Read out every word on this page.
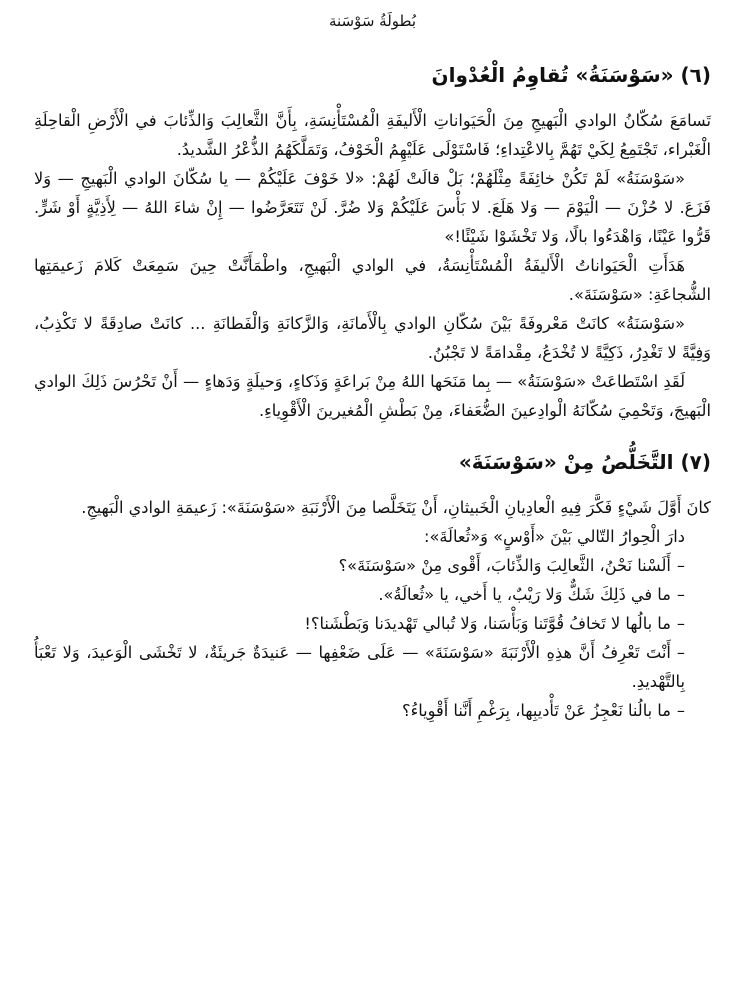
بُطولَةُ سَوْسَنة
(٦) «سَوْسَنَةُ» تُقاوِمُ الْعُدْوانَ

تَسامَعَ سُكّانُ الوادي الْبَهيجِ مِنَ الْحَيَواناتِ الْأَليفَةِ الْمُسْتَأْنِسَةِ، بِأَنَّ الثَّعالِبَ وَالذِّئابَ في الْأَرْضِ الْقاحِلَةِ الْغَبْراء، تَجْتَمِعُ لِكَيْ تَهُمَّ بِالاعْتِداءِ؛ فَاسْتَوْلَى عَلَيْهِمُ الْخَوْفُ، وَتَمَلَّكَهُمُ الذُّعْرُ الشَّديدُ.

«سَوْسَنَةُ» لَمْ تَكُنْ خائِفَةً مِثْلَهُمْ؛ بَلْ قالَتْ لَهُمْ: «لا خَوْفَ عَلَيْكُمْ — يا سُكّانَ الوادي الْبَهيجِ — وَلا فَزَعَ. لا حُزْنَ — الْيَوْمَ — وَلا هَلَعَ. لا بَأْسَ عَلَيْكُمْ وَلا ضُرَّ. لَنْ تَتَعَرَّضُوا — إِنْ شاءَ اللهُ — لِأَذِيَّةٍ أَوْ شَرٍّ. قَرُّوا عَيْنًا، وَاهْدَءُوا بالًا، وَلا تَخْشَوْا شَيْئًا!»

هَدَأَتِ الْحَيَواناتُ الْأَليفَةُ الْمُسْتَأْنِسَةُ، في الوادي الْبَهيجِ، واطْمَأَنَّتْ حِينَ سَمِعَتْ كَلامَ زَعيمَتِها الشُّجاعَةِ: «سَوْسَنَةَ».

«سَوْسَنَةُ» كانَتْ مَعْروفَةً بَيْنَ سُكّانِ الوادي بِالْأَمانَةِ، وَالزَّكانَةِ وَالْفَطانَةِ ... كانَتْ صادِقَةً لا تَكْذِبُ، وَفِيَّةً لا تَغْدِرُ، ذَكِيَّةً لا تُخْدَعُ، مِقْدامَةً لا تَجْبُنُ.

لَقَدِ اسْتَطاعَتْ «سَوْسَنَةُ» — بِما مَنَحَها اللهُ مِنْ بَراعَةٍ وَذَكاءٍ، وَحيلَةٍ وَدَهاءٍ — أَنْ تَحْرُسَ ذَلِكَ الوادي الْبَهيجَ، وَتَحْمِيَ سُكّانَهُ الْوادِعينَ الضُّعَفاءَ، مِنْ بَطْشِ الْمُغيرينَ الْأَقْوِياءِ.

(٧) التَّخَلُّصُ مِنْ «سَوْسَنَةَ»

كانَ أَوَّلَ شَيْءٍ فَكَّرَ فِيهِ الْعادِيانِ الْخَبيثانِ، أَنْ يَتَخَلَّصا مِنَ الْأَرْنَبَةِ «سَوْسَنَةَ»: زَعيمَةِ الوادي الْبَهيجِ.

دارَ الْحِوارُ التّالي بَيْنَ «أَوْسٍ» وَ«ثُعالَةَ»:

–أَلَسْنا نَحْنُ، الثَّعالِبَ وَالذِّئابَ، أَقْوى مِنْ «سَوْسَنَةَ»؟
–ما في ذَلِكَ شَكٌّ وَلا رَيْبٌ، يا أَخي، يا «ثُعالَةُ».
–ما بالُها لا تَخافُ قُوَّتَنا وَبَأْسَنا، وَلا تُبالي تَهْديدَنا وَبَطْشَنا؟!
–أَنْتَ تَعْرِفُ أَنَّ هذِهِ الْأَرْنَبَةَ «سَوْسَنَةَ» — عَلَى ضَعْفِها — عَنيدَةٌ جَريئَةٌ، لا تَخْشَى الْوَعيدَ، وَلا تَعْبَأُ بِالتَّهْديدِ.
–ما بالُنا نَعْجِزُ عَنْ تَأْديبِها، بِرَغْمِ أَنَّنا أَقْوِياءُ؟
